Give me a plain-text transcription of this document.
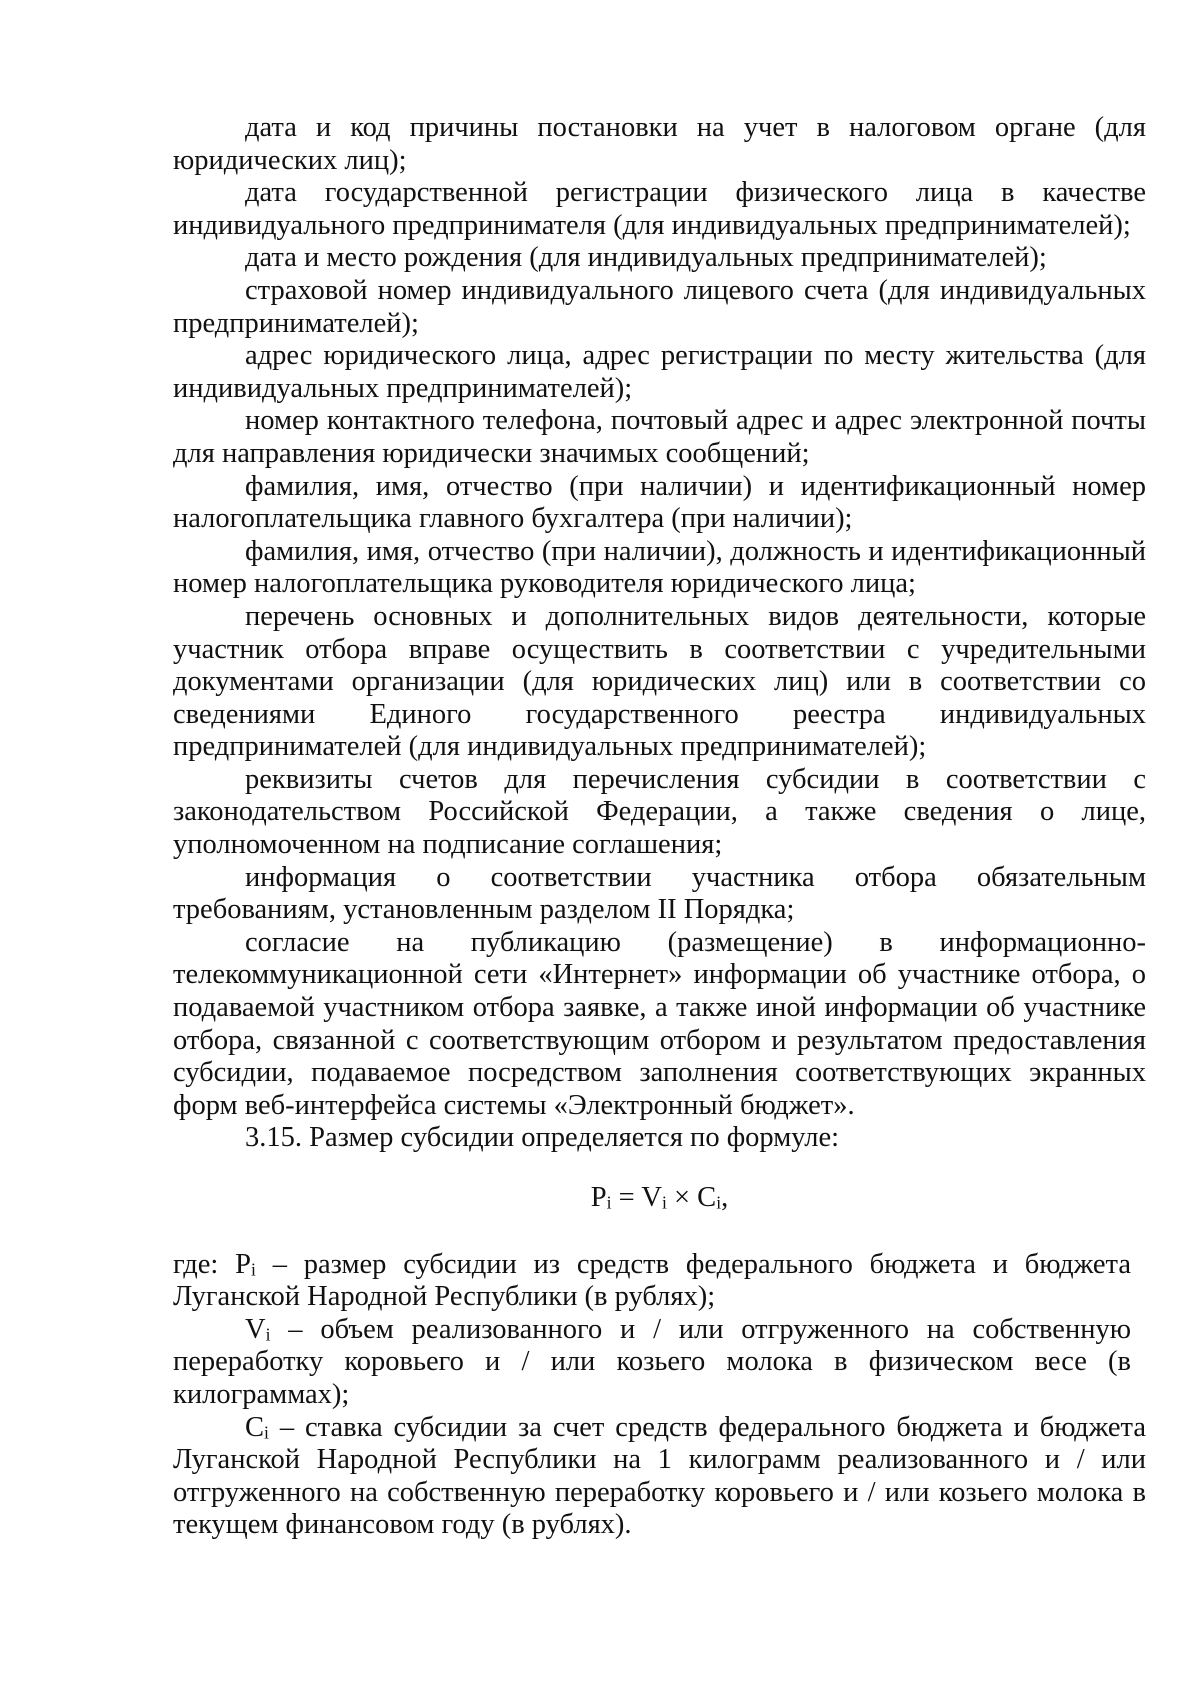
дата и код причины постановки на учет в налоговом органе (для юридических лиц);

дата государственной регистрации физического лица в качестве индивидуального предпринимателя (для индивидуальных предпринимателей);

дата и место рождения (для индивидуальных предпринимателей);

страховой номер индивидуального лицевого счета (для индивидуальных предпринимателей);

адрес юридического лица, адрес регистрации по месту жительства (для индивидуальных предпринимателей);

номер контактного телефона, почтовый адрес и адрес электронной почты для направления юридически значимых сообщений;

фамилия, имя, отчество (при наличии) и идентификационный номер налогоплательщика главного бухгалтера (при наличии);

фамилия, имя, отчество (при наличии), должность и идентификационный номер налогоплательщика руководителя юридического лица;

перечень основных и дополнительных видов деятельности, которые участник отбора вправе осуществить в соответствии с учредительными документами организации (для юридических лиц) или в соответствии со сведениями Единого государственного реестра индивидуальных предпринимателей (для индивидуальных предпринимателей);

реквизиты счетов для перечисления субсидии в соответствии с законодательством Российской Федерации, а также сведения о лице, уполномоченном на подписание соглашения;

информация о соответствии участника отбора обязательным требованиям, установленным разделом II Порядка;

согласие на публикацию (размещение) в информационно-телекоммуникационной сети «Интернет» информации об участнике отбора, о подаваемой участником отбора заявке, а также иной информации об участнике отбора, связанной с соответствующим отбором и результатом предоставления субсидии, подаваемое посредством заполнения соответствующих экранных форм веб-интерфейса системы «Электронный бюджет».

3.15. Размер субсидии определяется по формуле:

$P_i = V_i \times C_i$,

где: $P_i$ – размер субсидии из средств федерального бюджета и бюджета Луганской Народной Республики (в рублях);

$V_i$ – объем реализованного и / или отгруженного на собственную переработку коровьего и / или козьего молока в физическом весе (в килограммах);

$C_i$ – ставка субсидии за счет средств федерального бюджета и бюджета Луганской Народной Республики на 1 килограмм реализованного и / или отгруженного на собственную переработку коровьего и / или козьего молока в текущем финансовом году (в рублях).
